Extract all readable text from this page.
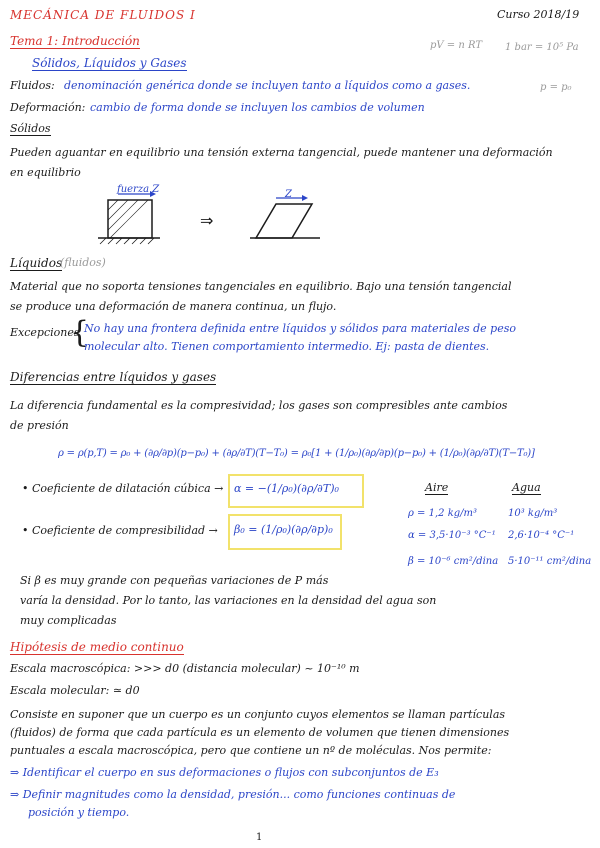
MECÁNICA DE FLUIDOS I	Curso 2018/19
Tema 1: Introducción	pV = n RT 1 bar = 10⁵ Pa
p = p₀
Sólidos, Líquidos y Gases
Fluidos: denominación genérica donde se incluyen tanto a líquidos como a gases.
Deformación: cambio de forma donde se incluyen los cambios de volumen
Sólidos
Pueden aguantar en equilibrio una tensión externa tangencial, puede mantener una deformación
en equilibrio
⇒
fuerza Z	Z
Líquidos
(fluidos)
Material que no soporta tensiones tangenciales en equilibrio. Bajo una tensión tangencial
se produce una deformación de manera continua, un flujo.
Excepciones
{
No hay una frontera definida entre líquidos y sólidos para materiales de peso
molecular alto. Tienen comportamiento intermedio. Ej: pasta de dientes.
Diferencias entre líquidos y gases
La diferencia fundamental es la compresividad; los gases son compresibles ante cambios
de presión
ρ = ρ(p,T) = ρ₀ + (∂ρ/∂p)(p−p₀) + (∂ρ/∂T)(T−T₀) = ρ₀[1 + (1/ρ₀)(∂ρ/∂p)(p−p₀) + (1/ρ₀)(∂ρ/∂T)(T−T₀)]
• Coeficiente de dilatación cúbica → α = −(1/ρ₀)(∂ρ/∂T)₀
• Coeficiente de compresibilidad → β₀ = (1/ρ₀)(∂ρ/∂p)₀
Aire	Agua
ρ = 1,2 kg/m³	10³ kg/m³
α = 3,5·10⁻³ °C⁻¹ 2,6·10⁻⁴ °C⁻¹
β = 10⁻⁶ cm²/dina 5·10⁻¹¹ cm²/dina
Si β es muy grande con pequeñas variaciones de P más
varía la densidad. Por lo tanto, las variaciones en la densidad del agua son
muy complicadas
Hipótesis de medio continuo
Escala macroscópica: >>> d0 (distancia molecular) ~ 10⁻¹⁰ m
Escala molecular: ≃ d0
Consiste en suponer que un cuerpo es un conjunto cuyos elementos se llaman partículas
(fluidos) de forma que cada partícula es un elemento de volumen que tienen dimensiones
puntuales a escala macroscópica, pero que contiene un nº de moléculas. Nos permite:
⇒ Identificar el cuerpo en sus deformaciones o flujos con subconjuntos de E₃
⇒ Definir magnitudes como la densidad, presión... como funciones continuas de
posición y tiempo.
1
